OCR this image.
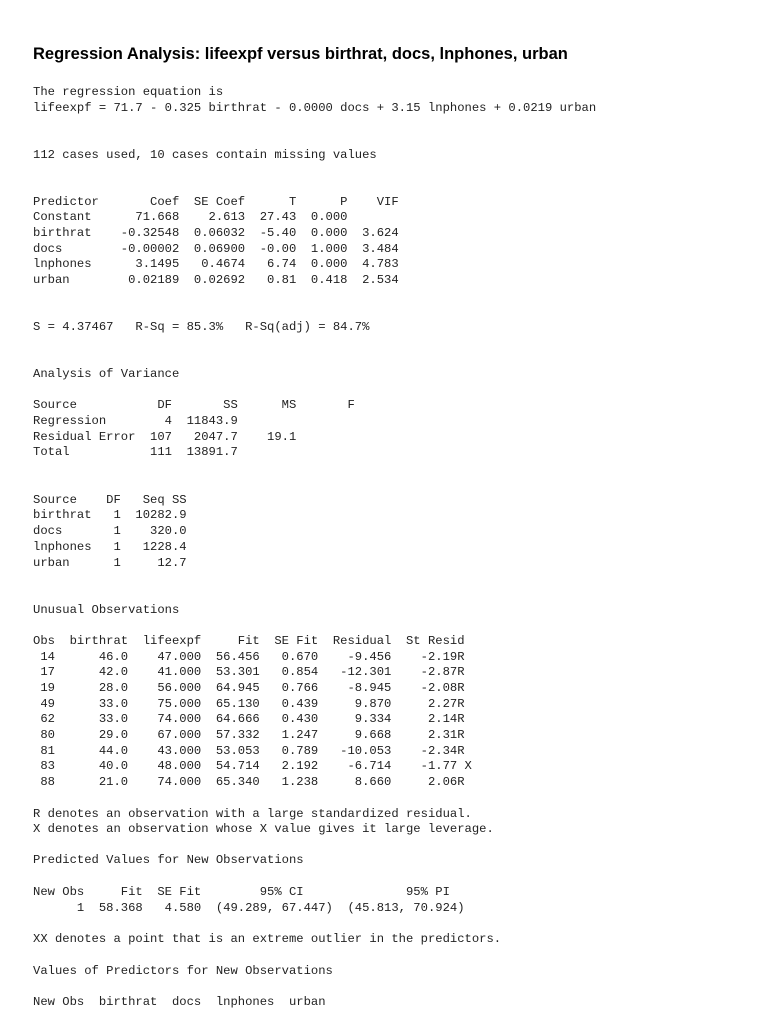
Regression Analysis: lifeexpf versus birthrat, docs, lnphones, urban
The regression equation is
lifeexpf = 71.7 - 0.325 birthrat - 0.0000 docs + 3.15 lnphones + 0.0219 urban
112 cases used, 10 cases contain missing values
Predictor       Coef  SE Coef      T      P    VIF
Constant      71.668    2.613  27.43  0.000
birthrat    -0.32548  0.06032  -5.40  0.000  3.624
docs        -0.00002  0.06900  -0.00  1.000  3.484
lnphones      3.1495   0.4674   6.74  0.000  4.783
urban        0.02189  0.02692   0.81  0.418  2.534
S = 4.37467   R-Sq = 85.3%   R-Sq(adj) = 84.7%
Analysis of Variance
Source           DF       SS      MS       F
Regression        4  11843.9
Residual Error  107   2047.7    19.1
Total           111  13891.7
Source    DF   Seq SS
birthrat   1  10282.9
docs       1    320.0
lnphones   1   1228.4
urban      1     12.7
Unusual Observations
Obs  birthrat  lifeexpf     Fit  SE Fit  Residual  St Resid
14      46.0    47.000  56.456   0.670    -9.456    -2.19R
17      42.0    41.000  53.301   0.854   -12.301    -2.87R
19      28.0    56.000  64.945   0.766    -8.945    -2.08R
49      33.0    75.000  65.130   0.439     9.870     2.27R
62      33.0    74.000  64.666   0.430     9.334     2.14R
80      29.0    67.000  57.332   1.247     9.668     2.31R
81      44.0    43.000  53.053   0.789   -10.053    -2.34R
83      40.0    48.000  54.714   2.192    -6.714    -1.77 X
88      21.0    74.000  65.340   1.238     8.660     2.06R
R denotes an observation with a large standardized residual.
X denotes an observation whose X value gives it large leverage.
Predicted Values for New Observations
New Obs     Fit  SE Fit        95% CI              95% PI
1  58.368   4.580  (49.289, 67.447)  (45.813, 70.924)
XX denotes a point that is an extreme outlier in the predictors.
Values of Predictors for New Observations
New Obs  birthrat  docs  lnphones  urban
